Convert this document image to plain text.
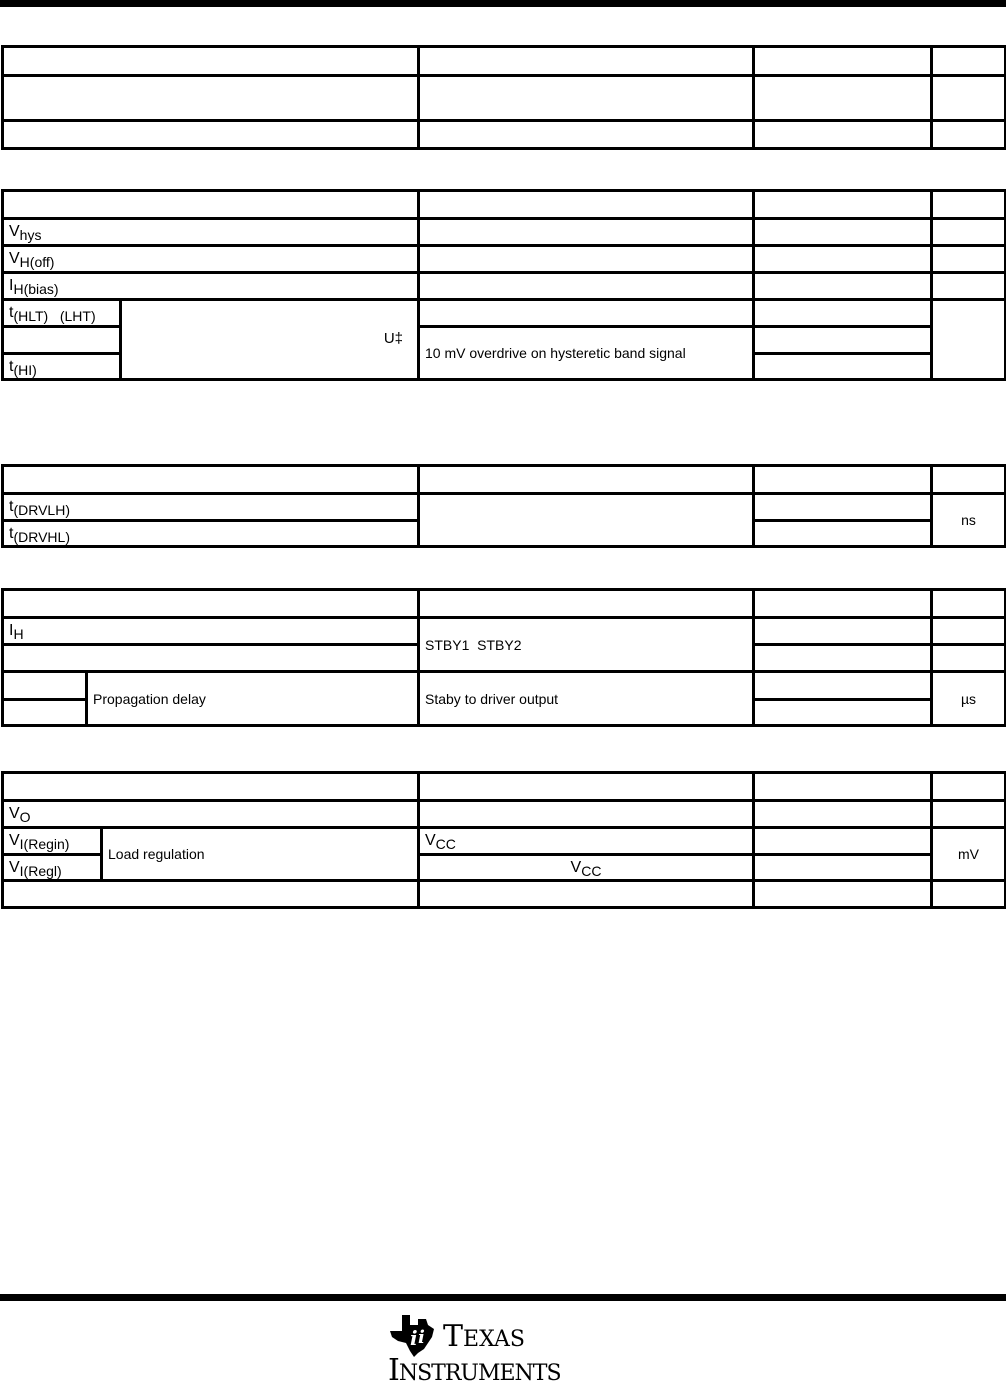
Vhys				
VH(off)				
IH(bias)				
t(HLT)   (LHT)	U‡			
		10 mV overdrive on hysteretic band signal		
t(HI)				

t(DRVLH)			ns
t(DRVHL)			

IH		STBY1  STBY2		

	Propagation delay	Staby to driver output		µs

VO				
VI(Regin)	Load regulation	VCC		mV
VI(Regl)		VCC		

i i TEXAS
INSTRUMENTS
